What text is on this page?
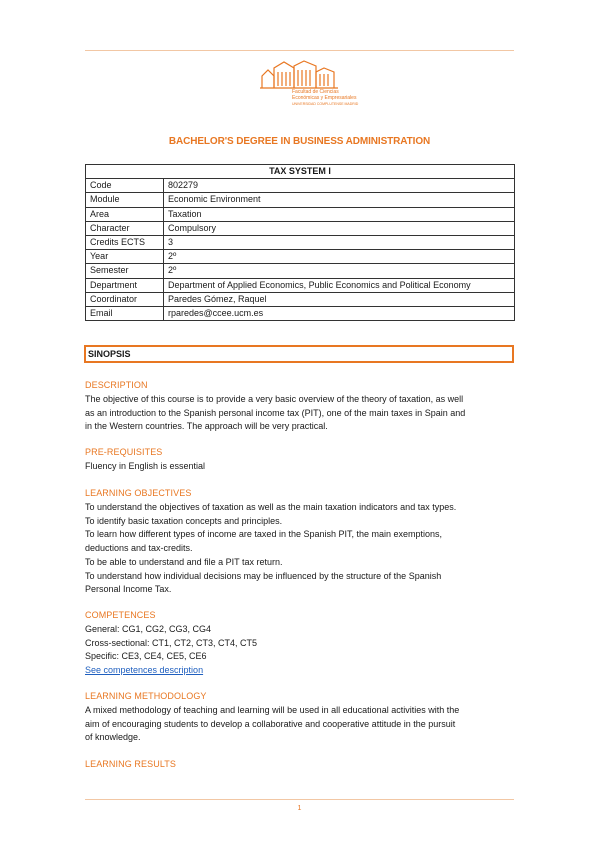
Facultad de Ciencias
Económicas y Empresariales
UNIVERSIDAD COMPLUTENSE MADRID
BACHELOR'S DEGREE IN BUSINESS ADMINISTRATION
TAX SYSTEM I	
Code	802279
Module	Economic Environment
Area	Taxation
Character	Compulsory
Credits ECTS	3
Year	2º
Semester	2º
Department	Department of Applied Economics, Public Economics and Political Economy
Coordinator	Paredes Gómez, Raquel
Email	rparedes@ccee.ucm.es
SINOPSIS
DESCRIPTION
The objective of this course is to provide a very basic overview of the theory of taxation, as well
as an introduction to the Spanish personal income tax (PIT), one of the main taxes in Spain and
in the Western countries. The approach will be very practical.
PRE-REQUISITES
Fluency in English is essential
LEARNING OBJECTIVES
To understand the objectives of taxation as well as the main taxation indicators and tax types.
To identify basic taxation concepts and principles.
To learn how different types of income are taxed in the Spanish PIT, the main exemptions,
deductions and tax-credits.
To be able to understand and file a PIT tax return.
To understand how individual decisions may be influenced by the structure of the Spanish
Personal Income Tax.
COMPETENCES
General: CG1, CG2, CG3, CG4
Cross-sectional: CT1, CT2, CT3, CT4, CT5
Specific: CE3, CE4, CE5, CE6
See competences description
LEARNING METHODOLOGY
A mixed methodology of teaching and learning will be used in all educational activities with the
aim of encouraging students to develop a collaborative and cooperative attitude in the pursuit
of knowledge.
LEARNING RESULTS
1
